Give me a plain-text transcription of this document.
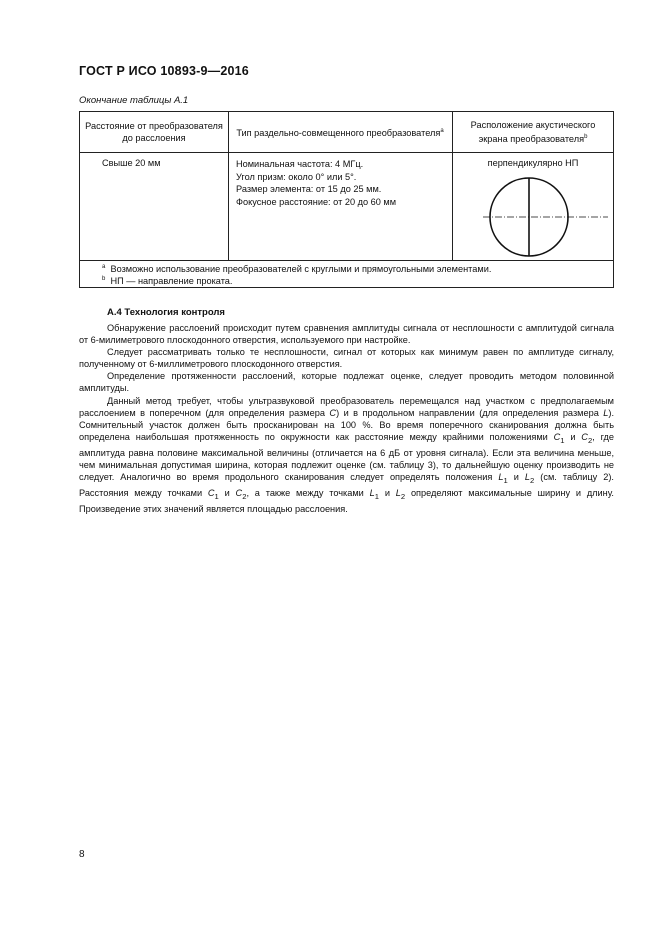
ГОСТ Р ИСО 10893-9—2016
Окончание таблицы А.1
Расстояние от преобразователя до расслоения	Тип раздельно-совмещенного преобразователя$^a$
Расположение акустического экрана преобразователя$^b$
Свыше 20 мм	Номинальная частота: 4 МГц.
Угол призм: около 0° или 5°.
Размер элемента: от 15 до 25 мм.
Фокусное расстояние: от 20 до 60 мм
перпендикулярно НП
$^a$ Возможно использование преобразователей с круглыми и прямоугольными элементами.
$^b$ НП — направление проката.
А.4 Технология контроля

Обнаружение расслоений происходит путем сравнения амплитуды сигнала от несплошности с амплитудой сигнала от 6-милиметрового плоскодонного отверстия, используемого при настройке.

Следует рассматривать только те несплошности, сигнал от которых как минимум равен по амплитуде сигналу, полученному от 6-миллиметрового плоскодонного отверстия.

Определение протяженности расслоений, которые подлежат оценке, следует проводить методом половинной амплитуды.

Данный метод требует, чтобы ультразвуковой преобразователь перемещался над участком с предполагаемым расслоением в поперечном (для определения размера C) и в продольном направлении (для определения размера L). Сомнительный участок должен быть просканирован на 100 %. Во время поперечного сканирования должна быть определена наибольшая протяженность по окружности как расстояние между крайними положениями $C_1$ и $C_2$, где амплитуда равна половине максимальной величины (отличается на 6 дБ от уровня сигнала). Если эта величина меньше, чем минимальная допустимая ширина, которая подлежит оценке (см. таблицу 3), то дальнейшую оценку производить не следует. Аналогично во время продольного сканирования следует определять положения $L_1$ и $L_2$ (см. таблицу 2). Расстояния между точками $C_1$ и $C_2$, а также между точками $L_1$ и $L_2$ определяют максимальные ширину и длину. Произведение этих значений является площадью расслоения.

8
